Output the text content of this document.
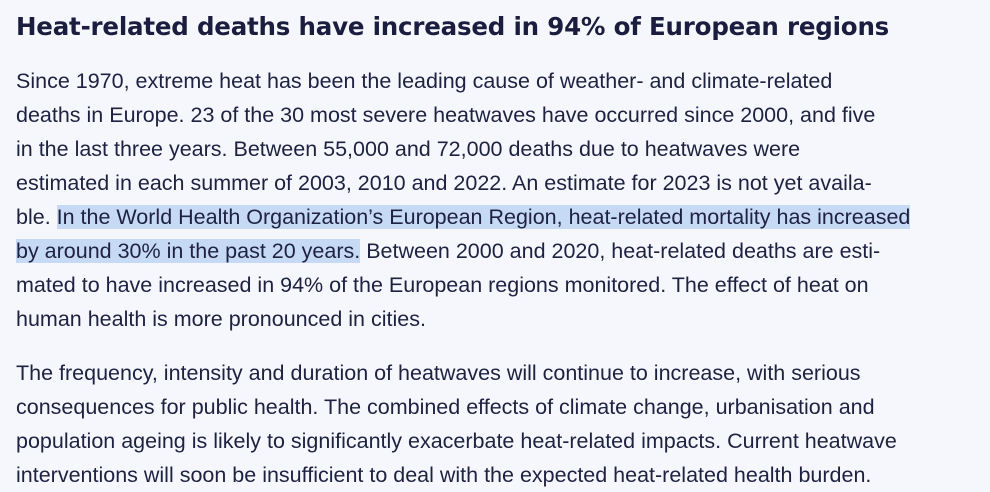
Heat-related deaths have increased in 94% of European regions

Since 1970, extreme heat has been the leading cause of weather- and climate-related
deaths in Europe. 23 of the 30 most severe heatwaves have occurred since 2000, and five
in the last three years. Between 55,000 and 72,000 deaths due to heatwaves were
estimated in each summer of 2003, 2010 and 2022. An estimate for 2023 is not yet availa-
ble. In the World Health Organization’s European Region, heat-related mortality has increased
by around 30% in the past 20 years. Between 2000 and 2020, heat-related deaths are esti-
mated to have increased in 94% of the European regions monitored. The effect of heat on
human health is more pronounced in cities.

The frequency, intensity and duration of heatwaves will continue to increase, with serious
consequences for public health. The combined effects of climate change, urbanisation and
population ageing is likely to significantly exacerbate heat-related impacts. Current heatwave
interventions will soon be insufficient to deal with the expected heat-related health burden.
